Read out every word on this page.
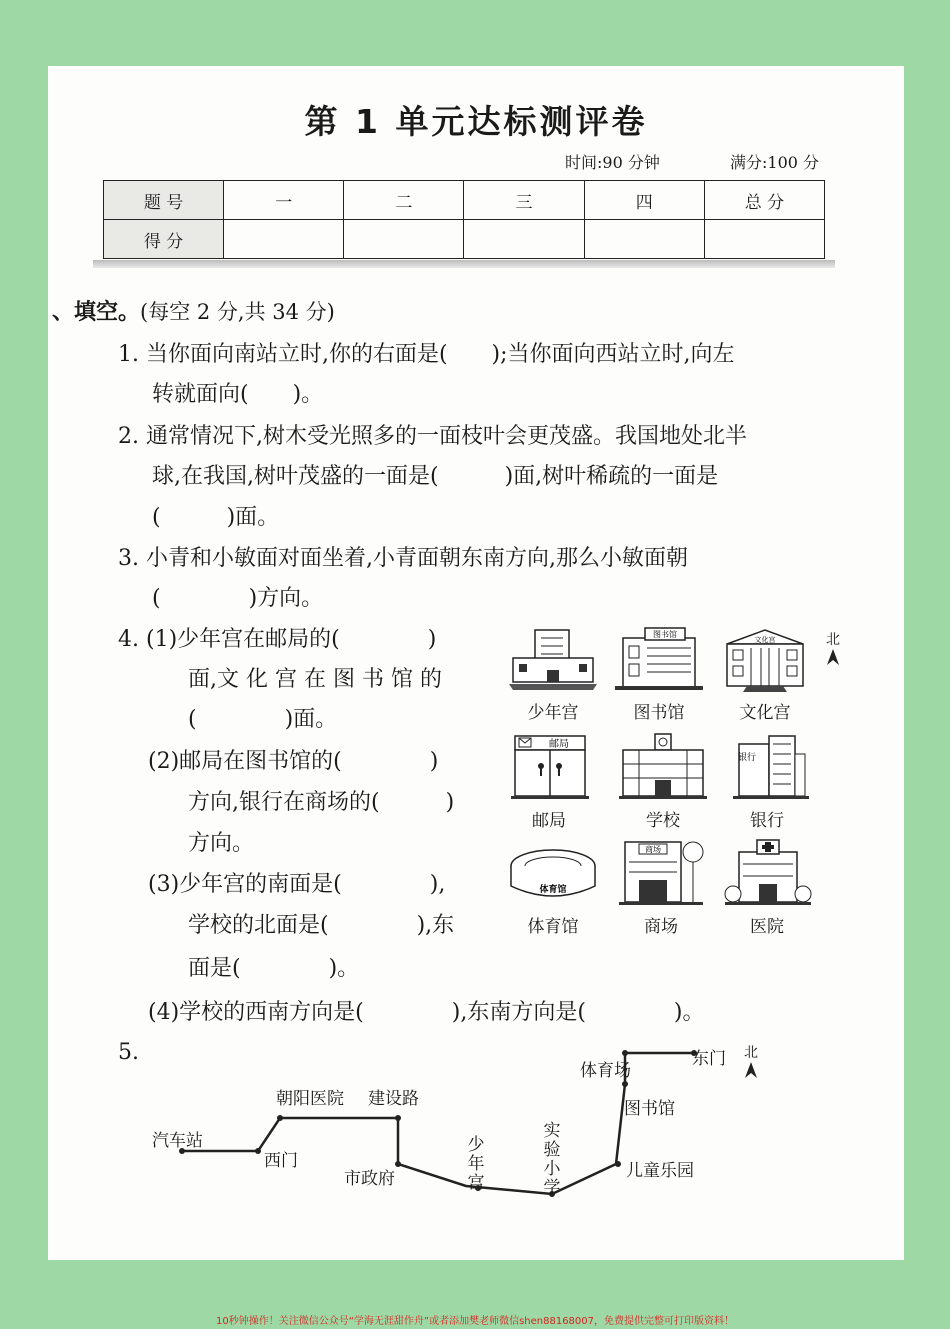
第 1 单元达标测评卷
时间:90 分钟	满分:100 分
题 号	一	二	三	四	总 分
得 分					
、填空。(每空 2 分,共 34 分)
1. 当你面向南站立时,你的右面是(　　);当你面向西站立时,向左
转就面向(　　)。
2. 通常情况下,树木受光照多的一面枝叶会更茂盛。我国地处北半
球,在我国,树叶茂盛的一面是(　　　)面,树叶稀疏的一面是
(　　　)面。
3. 小青和小敏面对面坐着,小青面朝东南方向,那么小敏面朝
(　　　　)方向。
4. (1)少年宫在邮局的(　　　　)
面,文 化 宫 在 图 书 馆 的
(　　　　)面。
(2)邮局在图书馆的(　　　　)
方向,银行在商场的(　　　)
方向。
(3)少年宫的南面是(　　　　),
学校的北面是(　　　　),东
面是(　　　　)。
(4)学校的西南方向是(　　　　),东南方向是(　　　　)。
北
少年宫
图书馆
图书馆
文化宫
文化宫
邮局
邮局	学校
银行
银行
体育馆
体育馆
商场
商场	医院
5.
汽车站
西门
朝阳医院 建设路
市政府
少年宫
实验小学
儿童乐园
图书馆
体育场
东门 北
10秒钟操作！关注微信公众号“学海无涯甜作舟”或者添加樊老师微信shen88168007，免费提供完整可打印版资料！
